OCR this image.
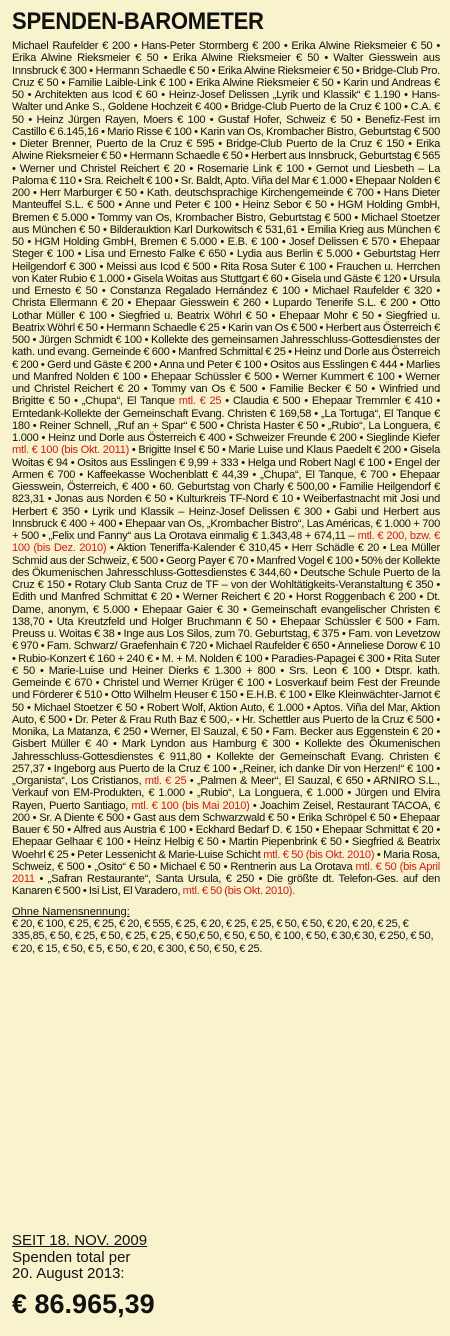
SPENDEN-BAROMETER

Michael Raufelder € 200 • Hans-Peter Stormberg € 200 • Erika Alwine Rieksmeier € 50 • Erika Alwine Rieksmeier € 50 • Erika Alwine Rieksmeier € 50 • Walter Giesswein aus Innsbruck € 300 • Hermann Schaedle € 50 • Erika Alwine Rieksmeier € 50 • Bridge-Club Pro. Cruz € 50 • Familie Laible-Link € 100 • Erika Alwine Rieksmeier € 50 • Karin und Andreas € 50 • Architekten aus Icod € 60 • Heinz-Josef Delissen „Lyrik und Klassik“ € 1.190 • Hans-Walter und Anke S., Goldene Hochzeit € 400 • Bridge-Club Puerto de la Cruz € 100 • C.A. € 50 • Heinz Jürgen Rayen, Moers € 100 • Gustaf Hofer, Schweiz € 50 • Benefiz-Fest im Castillo € 6.145,16 • Mario Risse € 100 • Karin van Os, Krombacher Bistro, Geburtstag € 500 • Dieter Brenner, Puerto de la Cruz € 595 • Bridge-Club Puerto de la Cruz € 150 • Erika Alwine Rieksmeier € 50 • Hermann Schaedle € 50 • Herbert aus Innsbruck, Geburtstag € 565 • Werner und Christel Reichert € 20 • Rosemarie Link € 100 • Gernot und Liesbeth – La Paloma € 110 • Sra. Reichelt € 100 • Sr. Baldt, Apto. Viña del Mar € 1.000 • Ehepaar Nolden € 200 • Herr Marburger € 50 • Kath. deutschsprachige Kirchengemeinde € 700 • Hans Dieter Manteuffel S.L. € 500 • Anne und Peter € 100 • Heinz Sebor € 50 • HGM Holding GmbH, Bremen € 5.000 • Tommy van Os, Krombacher Bistro, Geburtstag € 500 • Michael Stoetzer aus München € 50 • Bilderauktion Karl Durkowitsch € 531,61 • Emilia Krieg aus München € 50 • HGM Holding GmbH, Bremen € 5.000 • E.B. € 100 • Josef Delissen € 570 • Ehepaar Steger € 100 • Lisa und Ernesto Falke € 650 • Lydia aus Berlin € 5.000 • Geburtstag Herr Heilgendorf € 300 • Meissi aus Icod € 500 • Rita Rosa Suter € 100 • Frauchen u. Herrchen von Kater Rubio € 1.000 • Gisela Woitas aus Stuttgart € 60 • Gisela und Gäste € 120 • Ursula und Ernesto € 50 • Constanza Regalado Hernández € 100 • Michael Raufelder € 320 • Christa Ellermann € 20 • Ehepaar Giesswein € 260 • Lupardo Tenerife S.L. € 200 • Otto Lothar Müller € 100 • Siegfried u. Beatrix Wöhrl € 50 • Ehepaar Mohr € 50 • Siegfried u. Beatrix Wöhrl € 50 • Hermann Schaedle € 25 • Karin van Os € 500 • Herbert aus Österreich € 500 • Jürgen Schmidt € 100 • Kollekte des gemeinsamen Jahresschluss-Gottesdienstes der kath. und evang. Gemeinde € 600 • Manfred Schmittal € 25 • Heinz und Dorle aus Österreich € 200 • Gerd und Gäste € 200 • Anna und Peter € 100 • Ositos aus Esslingen € 444 • Marlies und Manfred Nolden € 100 • Ehepaar Schüssler € 500 • Werner Kummert € 100 • Werner und Christel Reichert € 20 • Tommy van Os € 500 • Familie Becker € 50 • Winfried und Brigitte € 50 • „Chupa“, El Tanque mtl. € 25 • Claudia € 500 • Ehepaar Tremmler € 410 • Erntedank-Kollekte der Gemeinschaft Evang. Christen € 169,58 • „La Tortuga“, El Tanque € 180 • Reiner Schnell, „Ruf an + Spar“ € 500 • Christa Haster € 50 • „Rubio“, La Longuera, € 1.000 • Heinz und Dorle aus Österreich € 400 • Schweizer Freunde € 200 • Sieglinde Kiefer mtl. € 100 (bis Okt. 2011) • Brigitte Insel € 50 • Marie Luise und Klaus Paedelt € 200 • Gisela Woitas € 94 • Ositos aus Esslingen € 9,99 + 333 • Helga und Robert Nagl € 100 • Engel der Armen € 700 • Kaffeekasse Wochenblatt € 44,39 • „Chupa“, El Tanque, € 700 • Ehepaar Giesswein, Österreich, € 400 • 60. Geburtstag von Charly € 500,00 • Familie Heilgendorf € 823,31 • Jonas aus Norden € 50 • Kulturkreis TF-Nord € 10 • Weiberfastnacht mit Josi und Herbert € 350 • Lyrik und Klassik – Heinz-Josef Delissen € 300 • Gabi und Herbert aus Innsbruck € 400 + 400 • Ehepaar van Os, „Krombacher Bistro“, Las Américas, € 1.000 + 700 + 500 • „Felix und Fanny“ aus La Orotava einmalig € 1.343,48 + 674,11 – mtl. € 200, bzw. € 100 (bis Dez. 2010) • Aktion Teneriffa-Kalender € 310,45 • Herr Schädle € 20 • Lea Müller Schmid aus der Schweiz, € 500 • Georg Payer € 70 • Manfred Vogel € 100 • 50% der Kollekte des Ökumenischen Jahresschluss-Gottesdienstes € 344,60 • Deutsche Schule Puerto de la Cruz € 150 • Rotary Club Santa Cruz de TF – von der Wohltätigkeits-Veranstaltung € 350 • Edith und Manfred Schmittat € 20 • Werner Reichert € 20 • Horst Roggenbach € 200 • Dt. Dame, anonym, € 5.000 • Ehepaar Gaier € 30 • Gemeinschaft evangelischer Christen € 138,70 • Uta Kreutzfeld und Holger Bruchmann € 50 • Ehepaar Schüssler € 500 • Fam. Preuss u. Woitas € 38 • Inge aus Los Silos, zum 70. Geburtstag, € 375 • Fam. von Levetzow € 970 • Fam. Schwarz/ Graefenhain € 720 • Michael Raufelder € 650 • Anneliese Dorow € 10 • Rubio-Konzert € 160 + 240 € • M. + M. Nolden € 100 • Paradies-Papagei € 300 • Rita Suter € 50 • Marie-Luise und Heiner Dierks € 1.300 + 800 • Srs. Leon € 100 • Dtspr. kath. Gemeinde € 670 • Christel und Werner Krüger € 100 • Losverkauf beim Fest der Freunde und Förderer € 510 • Otto Wilhelm Heuser € 150 • E.H.B. € 100 • Elke Kleinwächter-Jarnot € 50 • Michael Stoetzer € 50 • Robert Wolf, Aktion Auto, € 1.000 • Aptos. Viña del Mar, Aktion Auto, € 500 • Dr. Peter & Frau Ruth Baz € 500,- • Hr. Schettler aus Puerto de la Cruz € 500 • Monika, La Matanza, € 250 • Werner, El Sauzal, € 50 • Fam. Becker aus Eggenstein € 20 • Gisbert Müller € 40 • Mark Lyndon aus Hamburg € 300 • Kollekte des Ökumenischen Jahresschluss-Gottesdienstes € 911,80 • Kollekte der Gemeinschaft Evang. Christen € 257,37 • Ingeborg aus Puerto de la Cruz € 100 • „Reiner, ich danke Dir von Herzen!“ € 100 • „Organista“, Los Cristianos, mtl. € 25 • „Palmen & Meer“, El Sauzal, € 650 • ARNIRO S.L., Verkauf von EM-Produkten, € 1.000 • „Rubio“, La Longuera, € 1.000 • Jürgen und Elvira Rayen, Puerto Santiago, mtl. € 100 (bis Mai 2010) • Joachim Zeisel, Restaurant TACOA, € 200 • Sr. A Diente € 500 • Gast aus dem Schwarzwald € 50 • Erika Schröpel € 50 • Ehepaar Bauer € 50 • Alfred aus Austria € 100 • Eckhard Bedarf D. € 150 • Ehepaar Schmittat € 20 • Ehepaar Gelhaar € 100 • Heinz Helbig € 50 • Martin Piepenbrink € 50 • Siegfried & Beatrix Woehrl € 25 • Peter Lessenicht & Marie-Luise Schicht mtl. € 50 (bis Okt. 2010) • Maria Rosa, Schweiz, € 500 • „Osito“ € 50 • Michael € 50 • Rentnerin aus La Orotava mtl. € 50 (bis April 2011 • „Safran Restaurante“, Santa Ursula, € 250 • Die größte dt. Telefon-Ges. auf den Kanaren € 500 • Isi List, El Varadero, mtl. € 50 (bis Okt. 2010).

Ohne Namensnennung:

€ 20, € 100, € 25, € 25, € 20, € 555, € 25, € 20, € 25, € 25, € 50, € 50, € 20, € 20, € 25, € 335,85, € 50, € 25, € 50, € 25, € 25, € 50,€ 50, € 50, € 50, € 100, € 50, € 30,€ 30, € 250, € 50, € 20, € 15, € 50, € 5, € 50, € 20, € 300, € 50, € 50, € 25.

SEIT 18. NOV. 2009
Spenden total per
20. August 2013:
€ 86.965,39
